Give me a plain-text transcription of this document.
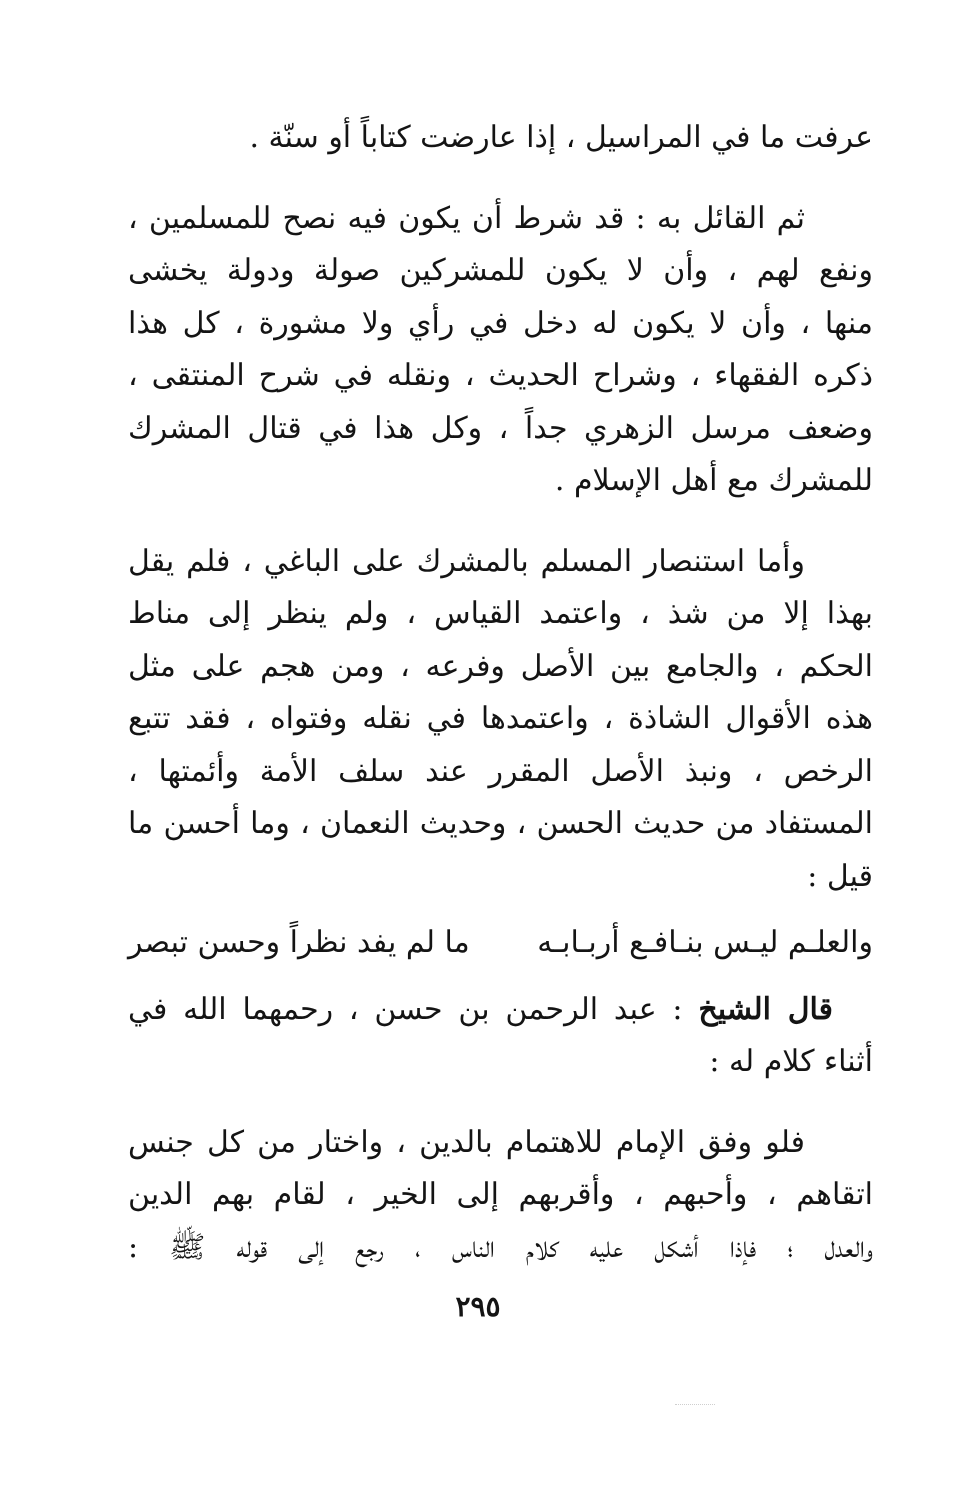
عرفت ما في المراسيل ، إذا عارضت كتاباً أو سنّة .
ثم القائل به : قد شرط أن يكون فيه نصح للمسلمين ،
ونفع لهم ، وأن لا يكون للمشركين صولة ودولة يخشى
منها ، وأن لا يكون له دخل في رأي ولا مشورة ، كل هذا
ذكره الفقهاء ، وشراح الحديث ، ونقله في شرح المنتقى ،
وضعف مرسل الزهري جداً ، وكل هذا في قتال المشرك
للمشرك مع أهل الإسلام .
وأما استنصار المسلم بالمشرك على الباغي ، فلم يقل
بهذا إلا من شذ ، واعتمد القياس ، ولم ينظر إلى مناط
الحكم ، والجامع بين الأصل وفرعه ، ومن هجم على مثل
هذه الأقوال الشاذة ، واعتمدها في نقله وفتواه ، فقد تتبع
الرخص ، ونبذ الأصل المقرر عند سلف الأمة وأئمتها ،
المستفاد من حديث الحسن ، وحديث النعمان ، وما أحسن ما
قيل :
والعلـم ليـس بنـافـع أربـابـه
ما لم يفد نظراً وحسن تبصر
قال الشيخ : عبد الرحمن بن حسن ، رحمهما الله في
أثناء كلام له :
فلو وفق الإمام للاهتمام بالدين ، واختار من كل جنس
اتقاهم ، وأحبهم ، وأقربهم إلى الخير ، لقام بهم الدين
والعدل ؛ فإذا أشكل عليه كلام الناس ، رجع إلى قوله ﷺ :
٢٩٥
